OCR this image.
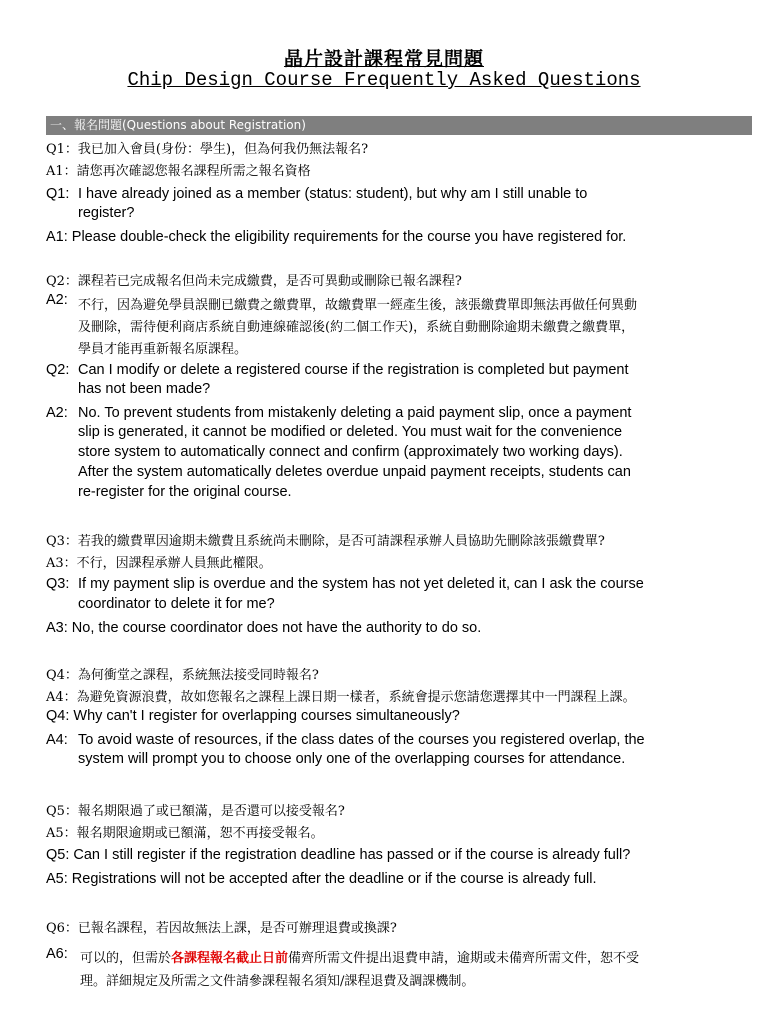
晶片設計課程常見問題
Chip Design Course Frequently Asked Questions
一、報名問題(Questions about Registration)
Q1：我已加入會員(身份：學生)，但為何我仍無法報名?
A1：請您再次確認您報名課程所需之報名資格
Q1: I have already joined as a member (status: student), but why am I still unable to
register?
A1: Please double-check the eligibility requirements for the course you have registered for.
Q2：課程若已完成報名但尚未完成繳費，是否可異動或刪除已報名課程?
A2: 不行，因為避免學員誤刪已繳費之繳費單，故繳費單一經產生後，該張繳費單即無法再做任何異動
及刪除，需待便利商店系統自動連線確認後(約二個工作天)，系統自動刪除逾期未繳費之繳費單，
學員才能再重新報名原課程。
Q2: Can I modify or delete a registered course if the registration is completed but payment
has not been made?
A2: No. To prevent students from mistakenly deleting a paid payment slip, once a payment
slip is generated, it cannot be modified or deleted. You must wait for the convenience
store system to automatically connect and confirm (approximately two working days).
After the system automatically deletes overdue unpaid payment receipts, students can
re-register for the original course.
Q3：若我的繳費單因逾期未繳費且系統尚未刪除，是否可請課程承辦人員協助先刪除該張繳費單?
A3：不行，因課程承辦人員無此權限。
Q3: If my payment slip is overdue and the system has not yet deleted it, can I ask the course
coordinator to delete it for me?
A3: No, the course coordinator does not have the authority to do so.
Q4：為何衝堂之課程，系統無法接受同時報名?
A4：為避免資源浪費，故如您報名之課程上課日期一樣者，系統會提示您請您選擇其中一門課程上課。
Q4: Why can't I register for overlapping courses simultaneously?
A4: To avoid waste of resources, if the class dates of the courses you registered overlap, the
system will prompt you to choose only one of the overlapping courses for attendance.
Q5：報名期限過了或已額滿，是否還可以接受報名?
A5：報名期限逾期或已額滿，恕不再接受報名。
Q5: Can I still register if the registration deadline has passed or if the course is already full?
A5: Registrations will not be accepted after the deadline or if the course is already full.
Q6：已報名課程，若因故無法上課，是否可辦理退費或換課?
A6: 可以的，但需於各課程報名截止日前備齊所需文件提出退費申請，逾期或未備齊所需文件，恕不受
理。詳細規定及所需之文件請參課程報名須知/課程退費及調課機制。
